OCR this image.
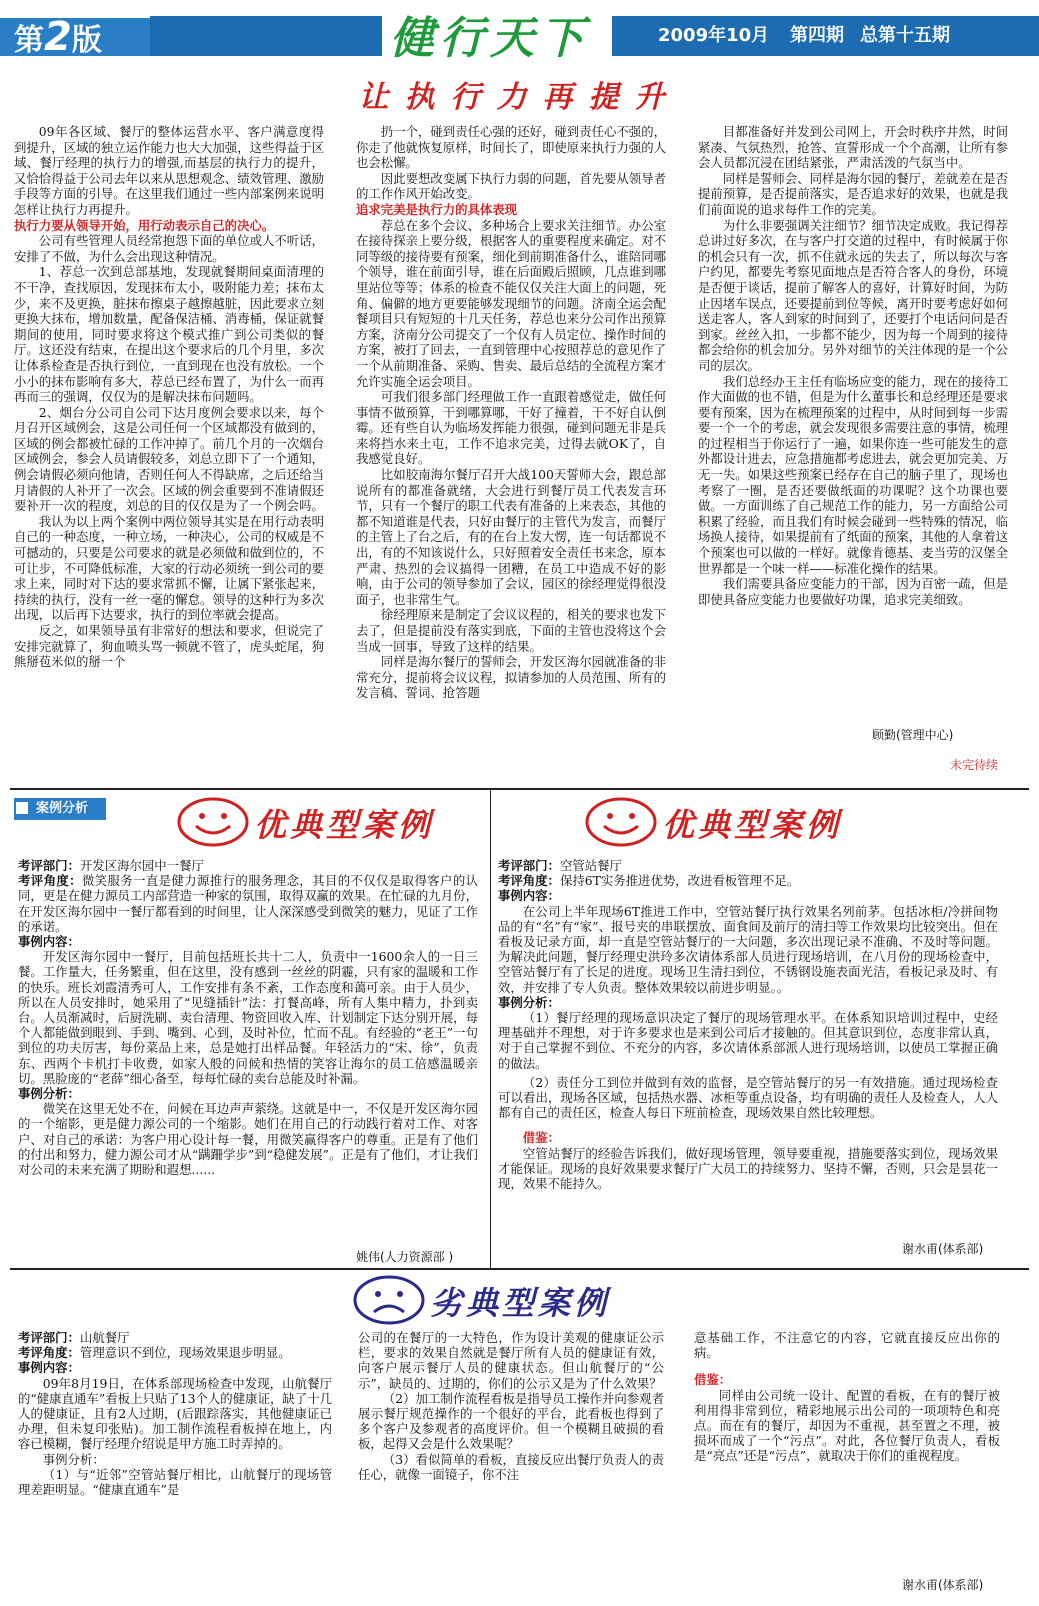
第2版	健行天下	2009年10月 第四期 总第十五期
让执行力再提升

09年各区域、餐厅的整体运营水平、客户满意度得到提升，区域的独立运作能力也大大加强，这些得益于区域、餐厅经理的执行力的增强,而基层的执行力的提升，又恰恰得益于公司去年以来从思想观念、绩效管理、激励手段等方面的引导。在这里我们通过一些内部案例来说明怎样让执行力再提升。

执行力要从领导开始，用行动表示自己的决心。

公司有些管理人员经常抱怨下面的单位或人不听话，安排了不做，为什么会出现这种情况。

1、荐总一次到总部基地，发现就餐期间桌面清理的不干净，查找原因，发现抹布太小，吸附能力差；抹布太少，来不及更换，脏抹布擦桌子越擦越脏，因此要求立刻更换大抹布，增加数量，配备保洁桶、消毒桶，保证就餐期间的使用，同时要求将这个模式推广到公司类似的餐厅。这还没有结束，在提出这个要求后的几个月里，多次让体系检查是否执行到位，一直到现在也没有放松。一个小小的抹布影响有多大，荐总已经布置了，为什么一而再再而三的强调，仅仅为的是解决抹布问题吗。

2、烟台分公司自公司下达月度例会要求以来，每个月召开区域例会，这是公司任何一个区域都没有做到的，区域的例会都被忙碌的工作冲掉了。前几个月的一次烟台区域例会，参会人员请假较多，刘总立即下了一个通知，例会请假必须向他请，否则任何人不得缺席，之后还给当月请假的人补开了一次会。区域的例会重要到不准请假还要补开一次的程度，刘总的目的仅仅是为了一个例会吗。

我认为以上两个案例中两位领导其实是在用行动表明自己的一种态度，一种立场，一种决心，公司的权威是不可撼动的，只要是公司要求的就是必须做和做到位的，不可让步，不可降低标准，大家的行动必须统一到公司的要求上来，同时对下达的要求常抓不懈，让属下紧张起来，持续的执行，没有一丝一毫的懈怠。领导的这种行为多次出现，以后再下达要求，执行的到位率就会提高。

反之，如果领导虽有非常好的想法和要求，但说完了安排完就算了，狗血喷头骂一顿就不管了，虎头蛇尾，狗熊掰苞米似的掰一个

扔一个，碰到责任心强的还好，碰到责任心不强的，你走了他就恢复原样，时间长了，即使原来执行力强的人也会松懈。

因此要想改变属下执行力弱的问题，首先要从领导者的工作作风开始改变。

追求完美是执行力的具体表现

荐总在多个会议、多种场合上要求关注细节。办公室在接待探亲上要分级，根据客人的重要程度来确定。对不同等级的接待要有预案，细化到前期准备什么，谁陪同哪个领导，谁在前面引导，谁在后面殿后照顾，几点谁到哪里站位等等；体系的检查不能仅仅关注大面上的问题，死角、偏僻的地方更要能够发现细节的问题。济南全运会配餐项目只有短短的十几天任务，荐总也来分公司作出预算方案，济南分公司提交了一个仅有人员定位、操作时间的方案，被打了回去，一直到管理中心按照荐总的意见作了一个从前期准备、采购、售卖、最后总结的全流程方案才允许实施全运会项目。

可我们很多部门经理做工作一直跟着感觉走，做任何事情不做预算，干到哪算哪，干好了撞着，干不好自认倒霉。还有些自认为临场发挥能力很强，碰到问题无非是兵来将挡水来土屯，工作不追求完美，过得去就OK了，自我感觉良好。

比如胶南海尔餐厅召开大战100天誓师大会，跟总部说所有的都准备就绪，大会进行到餐厅员工代表发言环节，只有一个餐厅的职工代表有准备的上来表态，其他的都不知道谁是代表，只好由餐厅的主管代为发言，而餐厅的主管上了台之后，有的在台上发大愣，连一句话都说不出，有的不知该说什么，只好照着安全责任书来念，原本严肃、热烈的会议搞得一团糟，在员工中造成不好的影响，由于公司的领导参加了会议，园区的徐经理觉得很没面子，也非常生气。

徐经理原来是制定了会议议程的，相关的要求也发下去了，但是提前没有落实到底，下面的主管也没将这个会当成一回事，导致了这样的结果。

同样是海尔餐厅的誓师会，开发区海尔园就准备的非常充分，提前将会议议程，拟请参加的人员范围、所有的发言稿、誓词、抢答题

目都准备好并发到公司网上，开会时秩序井然，时间紧凑、气氛热烈，抢答、宣誓形成一个个高潮，让所有参会人员都沉浸在团结紧张，严肃活泼的气氛当中。

同样是誓师会、同样是海尔园的餐厅，差就差在是否提前预算，是否提前落实，是否追求好的效果，也就是我们前面说的追求每件工作的完美。

为什么非要强调关注细节？细节决定成败。我记得荐总讲过好多次，在与客户打交道的过程中，有时候属于你的机会只有一次，抓不住就永远的失去了，所以每次与客户约见，都要先考察见面地点是否符合客人的身份，环境是否便于谈话，提前了解客人的喜好，计算好时间，为防止因堵车误点，还要提前到位等候，离开时要考虑好如何送走客人，客人到家的时间到了，还要打个电话问问是否到家。丝丝入扣，一步都不能少，因为每一个周到的接待都会给你的机会加分。另外对细节的关注体现的是一个公司的层次。

我们总经办王主任有临场应变的能力，现在的接待工作大面做的也不错，但是为什么董事长和总经理还是要求要有预案，因为在梳理预案的过程中，从时间到每一步需要一个一个的考虑，就会发现很多需要注意的事情，梳理的过程相当于你运行了一遍，如果你连一些可能发生的意外都设计进去，应急措施都考虑进去，就会更加完美、万无一失。如果这些预案已经存在自己的脑子里了，现场也考察了一圈，是否还要做纸面的功课呢？这个功课也要做。一方面训练了自己规范工作的能力，另一方面给公司积累了经验，而且我们有时候会碰到一些特殊的情况，临场换人接待，如果提前有了纸面的预案，其他的人拿着这个预案也可以做的一样好。就像肯德基、麦当劳的汉堡全世界都是一个味一样——标准化操作的结果。

我们需要具备应变能力的干部，因为百密一疏，但是即使具备应变能力也要做好功课，追求完美细致。

顾勤(管理中心)
未完待续
案例分析	优典型案例	优典型案例

考评部门：开发区海尔园中一餐厅

考评角度：微笑服务一直是健力源推行的服务理念，其目的不仅仅是取得客户的认同，更是在健力源员工内部营造一种家的氛围，取得双赢的效果。在忙碌的九月份，在开发区海尔园中一餐厅都看到的时间里，让人深深感受到微笑的魅力，见证了工作的承诺。

事例内容：

开发区海尔园中一餐厅，目前包括班长共十二人，负责中一1600余人的一日三餐。工作量大，任务繁重，但在这里，没有感到一丝丝的阴霾，只有家的温暖和工作的快乐。班长刘霞清秀可人，工作安排有条不紊，工作态度和蔼可亲。由于人员少，所以在人员安排时，她采用了“见缝插针”法：打餐高峰，所有人集中精力，扑到卖台。人员渐减时，后厨洗刷、卖台清理、物资回收入库、计划制定下达分别开展，每个人都能做到眼到、手到、嘴到、心到，及时补位，忙而不乱。有经验的“老王”一句到位的功夫厉害，每份菜品上来，总是她打出样品餐。年轻活力的“宋、徐”，负责东、西两个卡机打卡收费，如家人般的问候和热情的笑容让海尔的员工倍感温暖亲切。黑脸庞的“老薛”细心备至，每每忙碌的卖台总能及时补漏。

事例分析：

微笑在这里无处不在，问候在耳边声声萦绕。这就是中一，不仅是开发区海尔园的一个缩影，更是健力源公司的一个缩影。她们在用自己的行动践行着对工作、对客户、对自己的承诺：为客户用心设计每一餐，用微笑赢得客户的尊重。正是有了他们的付出和努力，健力源公司才从“蹒跚学步”到“稳健发展”。正是有了他们，才让我们对公司的未来充满了期盼和遐想......

姚伟(人力资源部 )

考评部门：空管站餐厅

考评角度：保持6T实务推进优势，改进看板管理不足。

事例内容：

在公司上半年现场6T推进工作中，空管站餐厅执行效果名列前茅。包括冰柜/冷拼间物品的有“名”有“家”、报号夹的串联摆放、面食间及前厅的清扫等工作效果均比较突出。但在看板及记录方面，却一直是空管站餐厅的一大问题，多次出现记录不准确、不及时等问题。为解决此问题，餐厅经理史洪玲多次请体系部人员进行现场培训，在八月份的现场检查中，空管站餐厅有了长足的进度。现场卫生清扫到位，不锈钢设施表面光洁，看板记录及时、有效，并安排了专人负责。整体效果较以前进步明显。。

事例分析：

（1）餐厅经理的现场意识决定了餐厅的现场管理水平。在体系知识培训过程中，史经理基础并不理想，对于许多要求也是来到公司后才接触的。但其意识到位，态度非常认真，对于自己掌握不到位、不充分的内容，多次请体系部派人进行现场培训，以使员工掌握正确的做法。

（2）责任分工到位并做到有效的监督，是空管站餐厅的另一有效措施。通过现场检查可以看出，现场各区域，包括热水器、冰柜等重点设备，均有明确的责任人及检查人，人人都有自己的责任区，检查人每日下班前检查，现场效果自然比较理想。

借鉴：

空管站餐厅的经验告诉我们，做好现场管理，领导要重视，措施要落实到位，现场效果才能保证。现场的良好效果要求餐厅广大员工的持续努力、坚持不懈，否则，只会是昙花一现，效果不能持久。

谢水甫(体系部)
劣典型案例

考评部门：山航餐厅

考评角度：管理意识不到位，现场效果退步明显。

事例内容：

09年8月19日，在体系部现场检查中发现，山航餐厅的“健康直通车”看板上只贴了13个人的健康证，缺了十几人的健康证，且有2人过期，(后跟踪落实，其他健康证已办理，但未复印张贴)。加工制作流程看板掉在地上，内容已模糊，餐厅经理介绍说是甲方施工时弄掉的。

事例分析：

（1）与“近邻”空管站餐厅相比，山航餐厅的现场管理差距明显。“健康直通车”是

公司的在餐厅的一大特色，作为设计美观的健康证公示栏，要求的效果自然就是餐厅所有人员的健康证有效，向客户展示餐厅人员的健康状态。但山航餐厅的“公示”，缺员的、过期的，你们的公示又是为了什么效果？

（2）加工制作流程看板是指导员工操作并向参观者展示餐厅规范操作的一个很好的平台，此看板也得到了多个客户及参观者的高度评价。但一个模糊且破损的看板，起得又会是什么效果呢？

（3）看似简单的看板，直接反应出餐厅负责人的责任心，就像一面镜子，你不注

意基础工作，不注意它的内容，它就直接反应出你的病。

借鉴：

同样由公司统一设计、配置的看板，在有的餐厅被利用得非常到位，精彩地展示出公司的一项项特色和亮点。而在有的餐厅，却因为不重视，甚至置之不理，被损坏而成了一个“污点”。对此，各位餐厅负责人，看板是“亮点”还是“污点”，就取决于你们的重视程度。

谢水甫(体系部)
